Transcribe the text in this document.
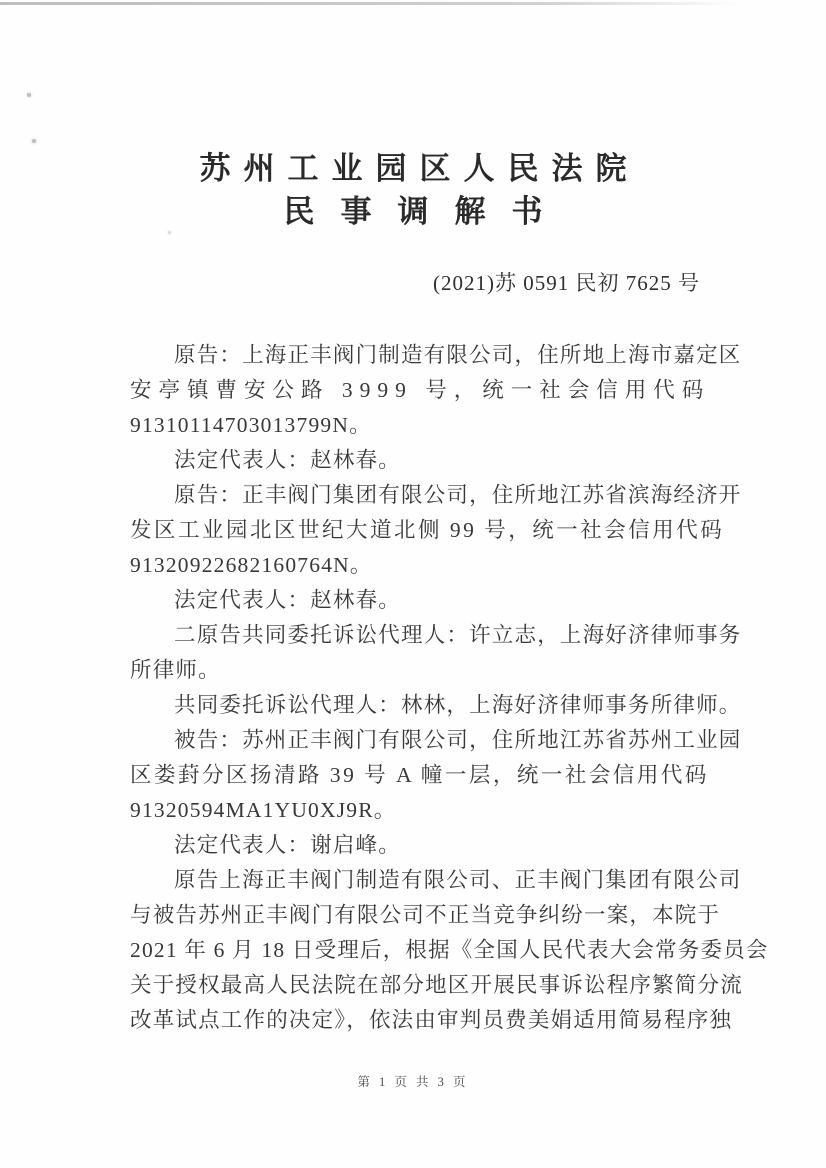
苏州工业园区人民法院
民事调解书
(2021)苏 0591 民初 7625 号
原告：上海正丰阀门制造有限公司，住所地上海市嘉定区
安亭镇曹安公路 3999 号，统一社会信用代码
91310114703013799N。
法定代表人：赵林春。
原告：正丰阀门集团有限公司，住所地江苏省滨海经济开
发区工业园北区世纪大道北侧 99 号，统一社会信用代码
91320922682160764N。
法定代表人：赵林春。
二原告共同委托诉讼代理人：许立志，上海好济律师事务
所律师。
共同委托诉讼代理人：林林，上海好济律师事务所律师。
被告：苏州正丰阀门有限公司，住所地江苏省苏州工业园
区娄葑分区扬清路 39 号 A 幢一层，统一社会信用代码
91320594MA1YU0XJ9R。
法定代表人：谢启峰。
原告上海正丰阀门制造有限公司、正丰阀门集团有限公司
与被告苏州正丰阀门有限公司不正当竞争纠纷一案，本院于
2021 年 6 月 18 日受理后，根据《全国人民代表大会常务委员会
关于授权最高人民法院在部分地区开展民事诉讼程序繁简分流
改革试点工作的决定》，依法由审判员费美娟适用简易程序独
第 1 页 共 3 页
